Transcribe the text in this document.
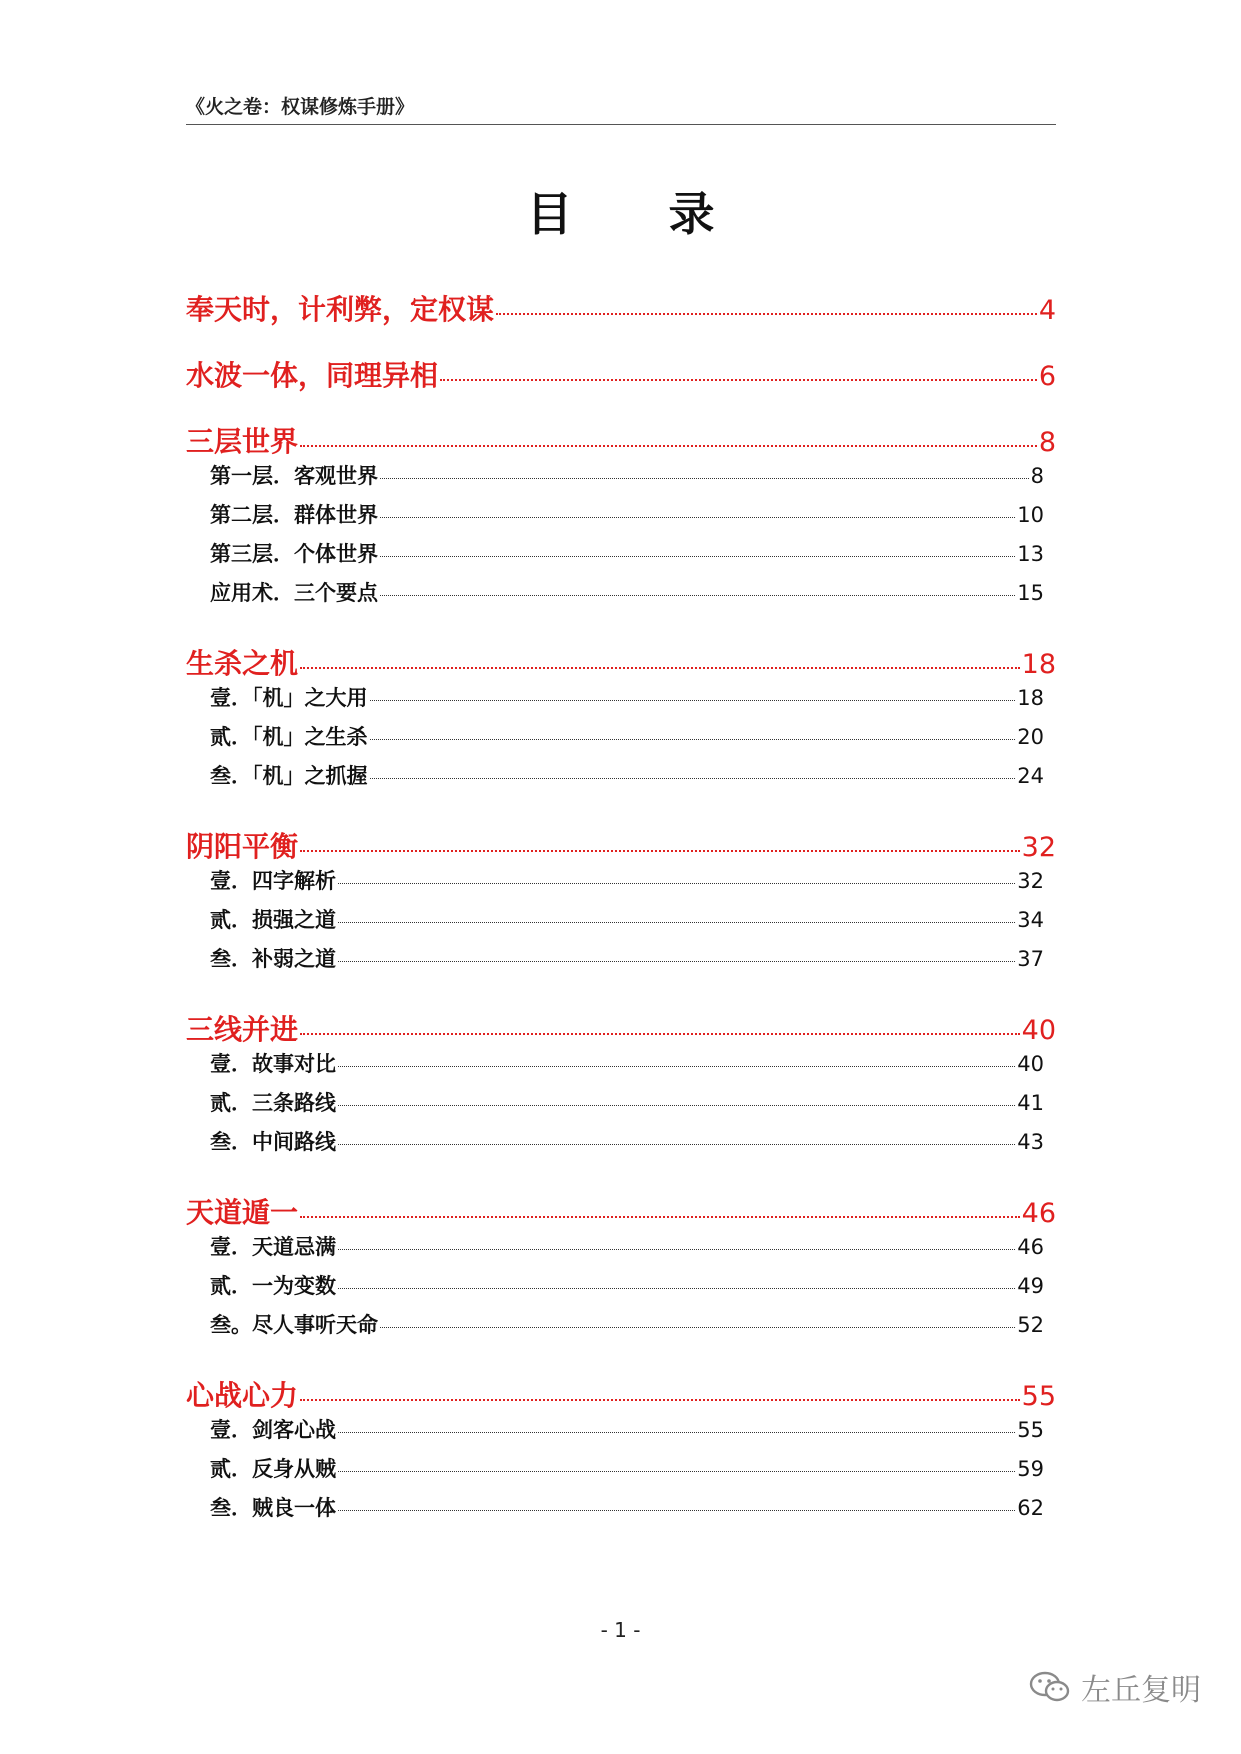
《火之卷：权谋修炼手册》
目 录
奉天时，计利弊，定权谋	4
水波一体，同理异相	6
三层世界	8
第一层．客观世界	8
第二层．群体世界	10
第三层．个体世界	13
应用术．三个要点	15
生杀之机	18
壹．「机」之大用	18
贰．「机」之生杀	20
叁．「机」之抓握	24
阴阳平衡	32
壹．四字解析	32
贰．损强之道	34
叁．补弱之道	37
三线并进	40
壹．故事对比	40
贰．三条路线	41
叁．中间路线	43
天道遁一	46
壹．天道忌满	46
贰．一为变数	49
叁。尽人事听天命	52
心战心力	55
壹．剑客心战	55
贰．反身从贼	59
叁．贼良一体	62
- 1 -
左丘复明
